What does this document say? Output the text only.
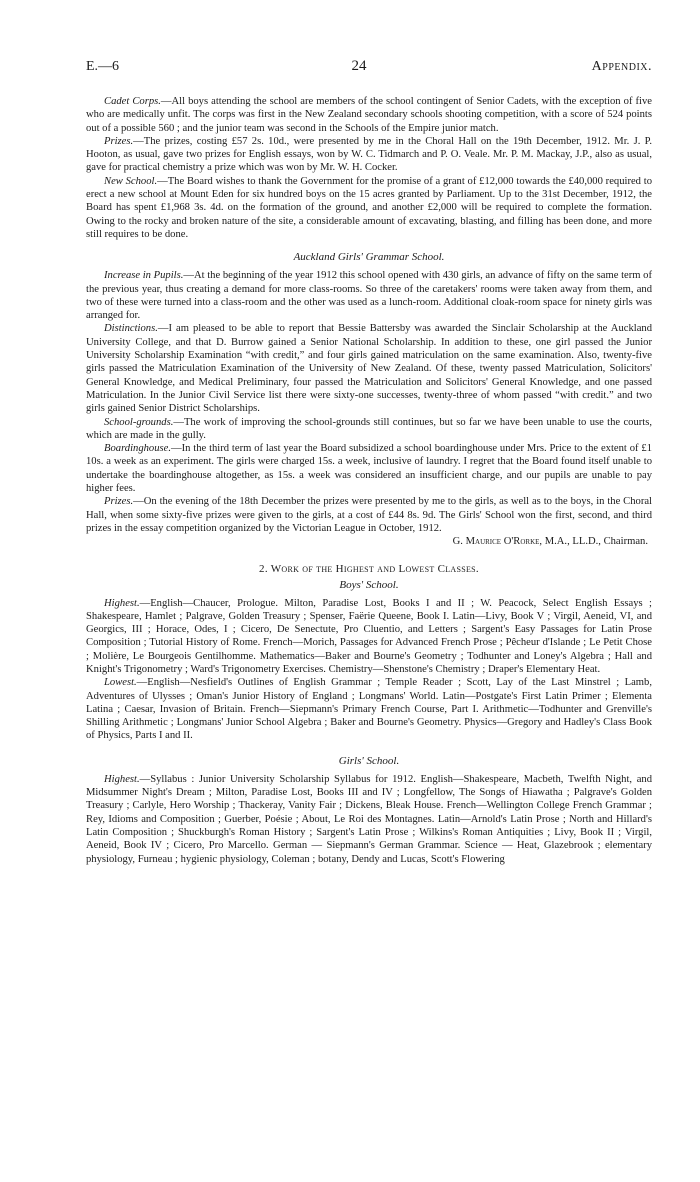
E.—6	24	Appendix.

Cadet Corps.—All boys attending the school are members of the school contingent of Senior Cadets, with the exception of five who are medically unfit. The corps was first in the New Zealand secondary schools shooting competition, with a score of 524 points out of a possible 560 ; and the junior team was second in the Schools of the Empire junior match.

Prizes.—The prizes, costing £57 2s. 10d., were presented by me in the Choral Hall on the 19th December, 1912. Mr. J. P. Hooton, as usual, gave two prizes for English essays, won by W. C. Tidmarch and P. O. Veale. Mr. P. M. Mackay, J.P., also as usual, gave for practical chemistry a prize which was won by Mr. W. H. Cocker.

New School.—The Board wishes to thank the Government for the promise of a grant of £12,000 towards the £40,000 required to erect a new school at Mount Eden for six hundred boys on the 15 acres granted by Parliament. Up to the 31st December, 1912, the Board has spent £1,968 3s. 4d. on the formation of the ground, and another £2,000 will be required to complete the formation. Owing to the rocky and broken nature of the site, a considerable amount of excavating, blasting, and filling has been done, and more still requires to be done.

Auckland Girls' Grammar School.

Increase in Pupils.—At the beginning of the year 1912 this school opened with 430 girls, an advance of fifty on the same term of the previous year, thus creating a demand for more class-rooms. So three of the caretakers' rooms were taken away from them, and two of these were turned into a class-room and the other was used as a lunch-room. Additional cloak-room space for ninety girls was arranged for.

Distinctions.—I am pleased to be able to report that Bessie Battersby was awarded the Sinclair Scholarship at the Auckland University College, and that D. Burrow gained a Senior National Scholarship. In addition to these, one girl passed the Junior University Scholarship Examination “with credit,” and four girls gained matriculation on the same examination. Also, twenty-five girls passed the Matriculation Examination of the University of New Zealand. Of these, twenty passed Matriculation, Solicitors' General Knowledge, and Medical Preliminary, four passed the Matriculation and Solicitors' General Knowledge, and one passed Matriculation. In the Junior Civil Service list there were sixty-one successes, twenty-three of whom passed “with credit.” and two girls gained Senior District Scholarships.

School-grounds.—The work of improving the school-grounds still continues, but so far we have been unable to use the courts, which are made in the gully.

Boardinghouse.—In the third term of last year the Board subsidized a school boardinghouse under Mrs. Price to the extent of £1 10s. a week as an experiment. The girls were charged 15s. a week, inclusive of laundry. I regret that the Board found itself unable to undertake the boardinghouse altogether, as 15s. a week was considered an insufficient charge, and our pupils are unable to pay higher fees.

Prizes.—On the evening of the 18th December the prizes were presented by me to the girls, as well as to the boys, in the Choral Hall, when some sixty-five prizes were given to the girls, at a cost of £44 8s. 9d. The Girls' School won the first, second, and third prizes in the essay competition organized by the Victorian League in October, 1912.

G. Maurice O'Rorke, M.A., LL.D., Chairman.
2. Work of the Highest and Lowest Classes.
Boys' School.

Highest.—English—Chaucer, Prologue. Milton, Paradise Lost, Books I and II ; W. Peacock, Select English Essays ; Shakespeare, Hamlet ; Palgrave, Golden Treasury ; Spenser, Faërie Queene, Book I. Latin—Livy, Book V ; Virgil, Aeneid, VI, and Georgics, III ; Horace, Odes, I ; Cicero, De Senectute, Pro Cluentio, and Letters ; Sargent's Easy Passages for Latin Prose Composition ; Tutorial History of Rome. French—Morich, Passages for Advanced French Prose ; Pêcheur d'Islande ; Le Petit Chose ; Molière, Le Bourgeois Gentilhomme. Mathematics—Baker and Bourne's Geometry ; Todhunter and Loney's Algebra ; Hall and Knight's Trigonometry ; Ward's Trigonometry Exercises. Chemistry—Shenstone's Chemistry ; Draper's Elementary Heat.

Lowest.—English—Nesfield's Outlines of English Grammar ; Temple Reader ; Scott, Lay of the Last Minstrel ; Lamb, Adventures of Ulysses ; Oman's Junior History of England ; Longmans' World. Latin—Postgate's First Latin Primer ; Elementa Latina ; Caesar, Invasion of Britain. French—Siepmann's Primary French Course, Part I. Arithmetic—Todhunter and Grenville's Shilling Arithmetic ; Longmans' Junior School Algebra ; Baker and Bourne's Geometry. Physics—Gregory and Hadley's Class Book of Physics, Parts I and II.

Girls' School.

Highest.—Syllabus : Junior University Scholarship Syllabus for 1912. English—Shakespeare, Macbeth, Twelfth Night, and Midsummer Night's Dream ; Milton, Paradise Lost, Books III and IV ; Longfellow, The Songs of Hiawatha ; Palgrave's Golden Treasury ; Carlyle, Hero Worship ; Thackeray, Vanity Fair ; Dickens, Bleak House. French—Wellington College French Grammar ; Rey, Idioms and Composition ; Guerber, Poésie ; About, Le Roi des Montagnes. Latin—Arnold's Latin Prose ; North and Hillard's Latin Composition ; Shuckburgh's Roman History ; Sargent's Latin Prose ; Wilkins's Roman Antiquities ; Livy, Book II ; Virgil, Aeneid, Book IV ; Cicero, Pro Marcello. German — Siepmann's German Grammar. Science — Heat, Glazebrook ; elementary physiology, Furneau ; hygienic physiology, Coleman ; botany, Dendy and Lucas, Scott's Flowering
